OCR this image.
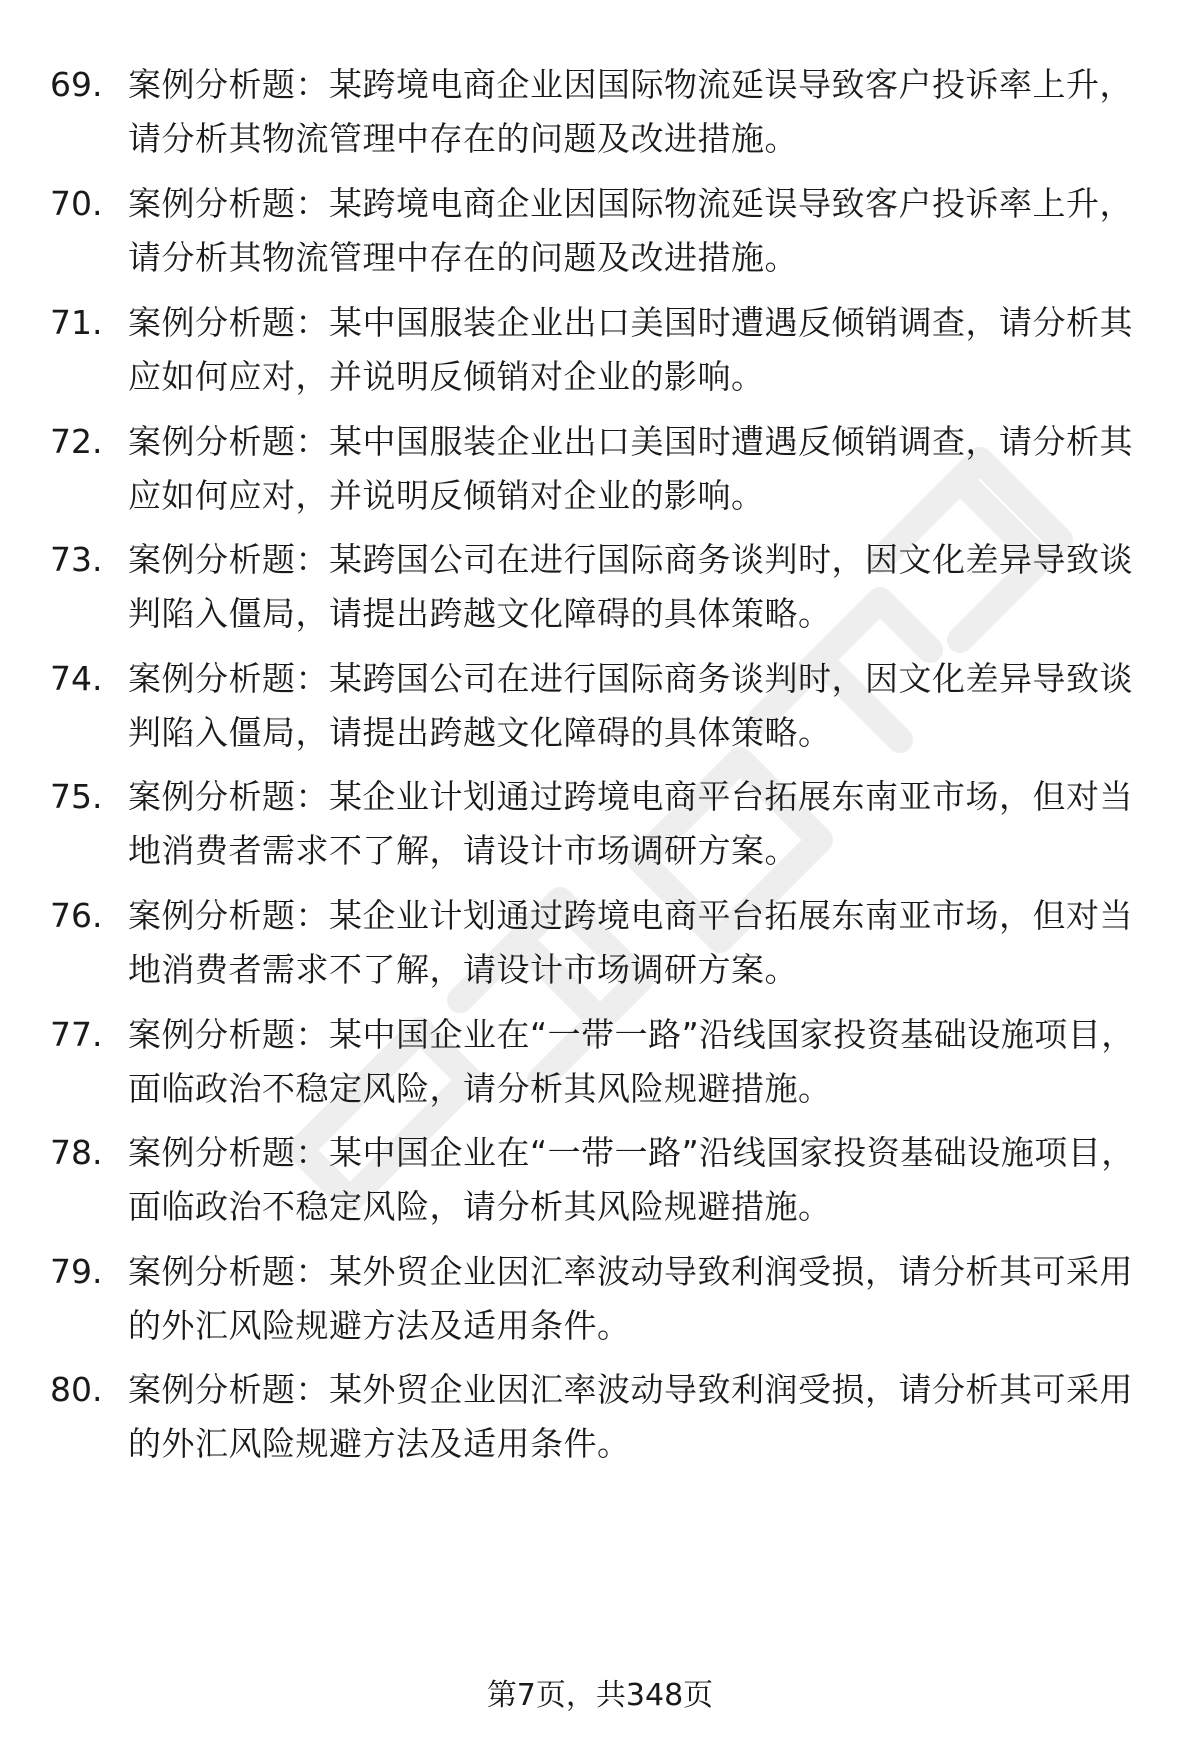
69. 案例分析题：某跨境电商企业因国际物流延误导致客户投诉率上升，请分析其物流管理中存在的问题及改进措施。
70. 案例分析题：某跨境电商企业因国际物流延误导致客户投诉率上升，请分析其物流管理中存在的问题及改进措施。
71. 案例分析题：某中国服装企业出口美国时遭遇反倾销调查，请分析其应如何应对，并说明反倾销对企业的影响。
72. 案例分析题：某中国服装企业出口美国时遭遇反倾销调查，请分析其应如何应对，并说明反倾销对企业的影响。
73. 案例分析题：某跨国公司在进行国际商务谈判时，因文化差异导致谈判陷入僵局，请提出跨越文化障碍的具体策略。
74. 案例分析题：某跨国公司在进行国际商务谈判时，因文化差异导致谈判陷入僵局，请提出跨越文化障碍的具体策略。
75. 案例分析题：某企业计划通过跨境电商平台拓展东南亚市场，但对当地消费者需求不了解，请设计市场调研方案。
76. 案例分析题：某企业计划通过跨境电商平台拓展东南亚市场，但对当地消费者需求不了解，请设计市场调研方案。
77. 案例分析题：某中国企业在“一带一路”沿线国家投资基础设施项目，面临政治不稳定风险，请分析其风险规避措施。
78. 案例分析题：某中国企业在“一带一路”沿线国家投资基础设施项目，面临政治不稳定风险，请分析其风险规避措施。
79. 案例分析题：某外贸企业因汇率波动导致利润受损，请分析其可采用的外汇风险规避方法及适用条件。
80. 案例分析题：某外贸企业因汇率波动导致利润受损，请分析其可采用的外汇风险规避方法及适用条件。
第7页，共348页
